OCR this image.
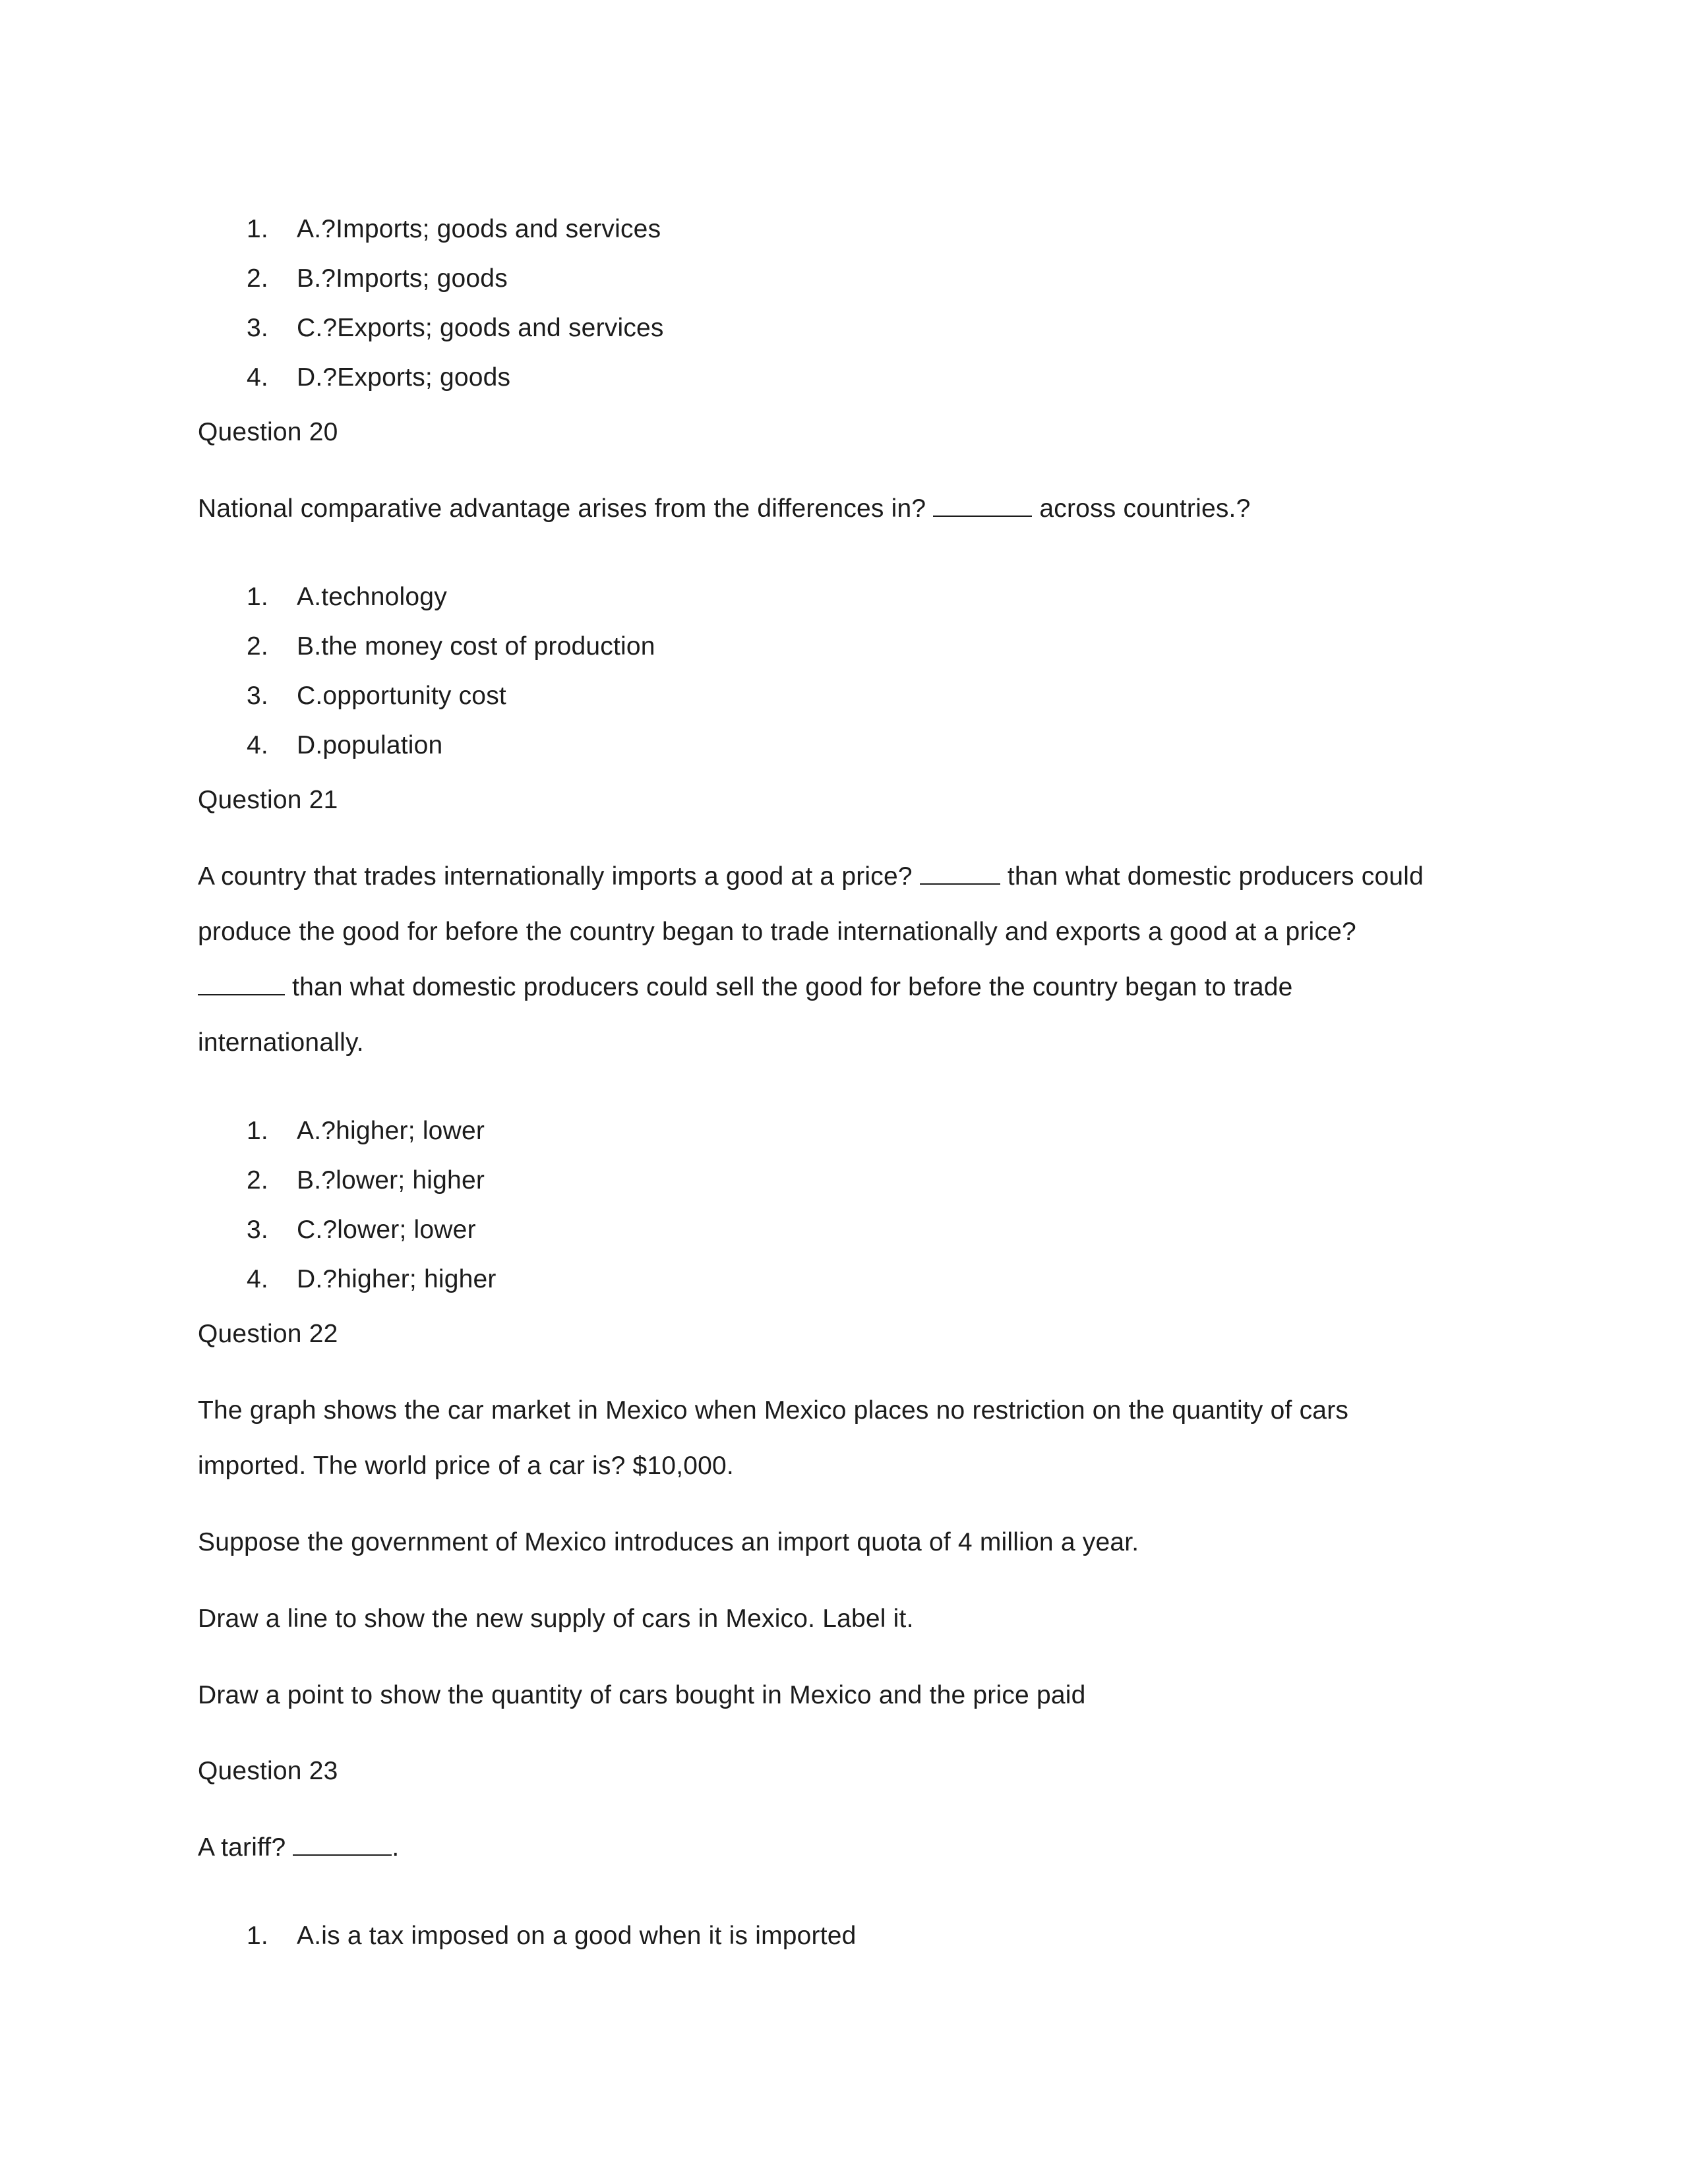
1. A.?Imports; goods and services
2. B.?Imports; goods
3. C.?Exports; goods and services
4. D.?Exports; goods
Question 20
National comparative advantage arises from the differences in?	across countries.?
1. A.technology
2. B.the money cost of production
3. C.opportunity cost
4. D.population
Question 21
A country that trades internationally imports a good at a price?	than what domestic producers could
produce the good for before the country began to trade internationally and exports a good at a price?
than what domestic producers could sell the good for before the country began to trade
internationally.
1. A.?higher; lower
2. B.?lower; higher
3. C.?lower; lower
4. D.?higher; higher
Question 22
The graph shows the car market in Mexico when Mexico places no restriction on the quantity of cars
imported. The world price of a car is? $10,000.
Suppose the government of Mexico introduces an import quota of 4 million a year.
Draw a line to show the new supply of cars in Mexico. Label it.
Draw a point to show the quantity of cars bought in Mexico and the price paid
Question 23
A tariff?	.
1. A.is a tax imposed on a good when it is imported
